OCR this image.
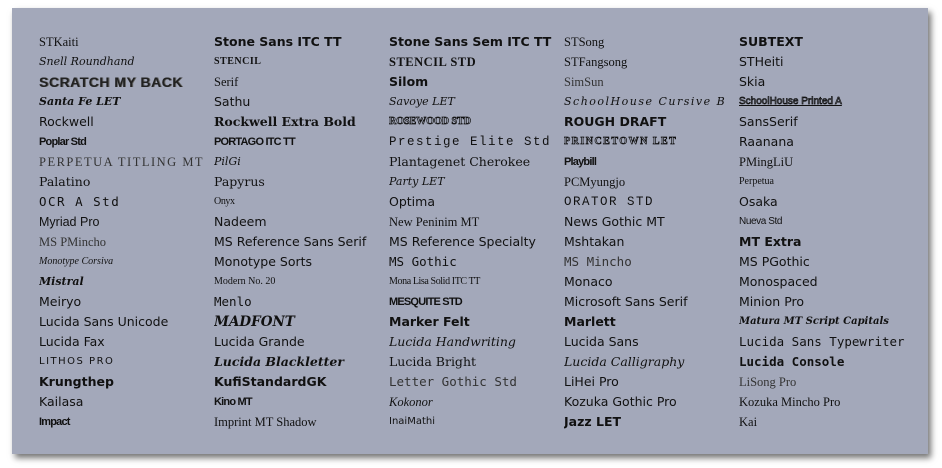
STKaiti
Snell Roundhand
SCRATCH MY BACK
Santa Fe LET
Rockwell
Poplar Std
PERPETUA TITLING MT
Palatino
OCR A Std
Myriad Pro
MS PMincho
Monotype Corsiva
Mistral
Meiryo
Lucida Sans Unicode
Lucida Fax
LITHOS PRO
Krungthep
Kailasa
Impact
Stone Sans ITC TT
STENCIL
Serif
Sathu
Rockwell Extra Bold
PORTAGO ITC TT
PilGi
Papyrus
Onyx
Nadeem
MS Reference Sans Serif
Monotype Sorts
Modern No. 20
Menlo
MADFONT
Lucida Grande
Lucida Blackletter
KufiStandardGK
Kino MT
Imprint MT Shadow
Stone Sans Sem ITC TT
STENCIL STD
Silom
Savoye LET
ROSEWOOD STD
Prestige Elite Std
Plantagenet Cherokee
Party LET
Optima
New Peninim MT
MS Reference Specialty
MS Gothic
Mona Lisa Solid ITC TT
MESQUITE STD
Marker Felt
Lucida Handwriting
Lucida Bright
Letter Gothic Std
Kokonor
InaiMathi
STSong
STFangsong
SimSun
SchoolHouse Cursive B
ROUGH DRAFT
PRINCETOWN LET
Playbill
PCMyungjo
ORATOR STD
News Gothic MT
Mshtakan
MS Mincho
Monaco
Microsoft Sans Serif
Marlett
Lucida Sans
Lucida Calligraphy
LiHei Pro
Kozuka Gothic Pro
Jazz LET
SUBTEXT
STHeiti
Skia
SchoolHouse Printed A
SansSerif
Raanana
PMingLiU
Perpetua
Osaka
Nueva Std
MT Extra
MS PGothic
Monospaced
Minion Pro
Matura MT Script Capitals
Lucida Sans Typewriter
Lucida Console
LiSong Pro
Kozuka Mincho Pro
Kai
